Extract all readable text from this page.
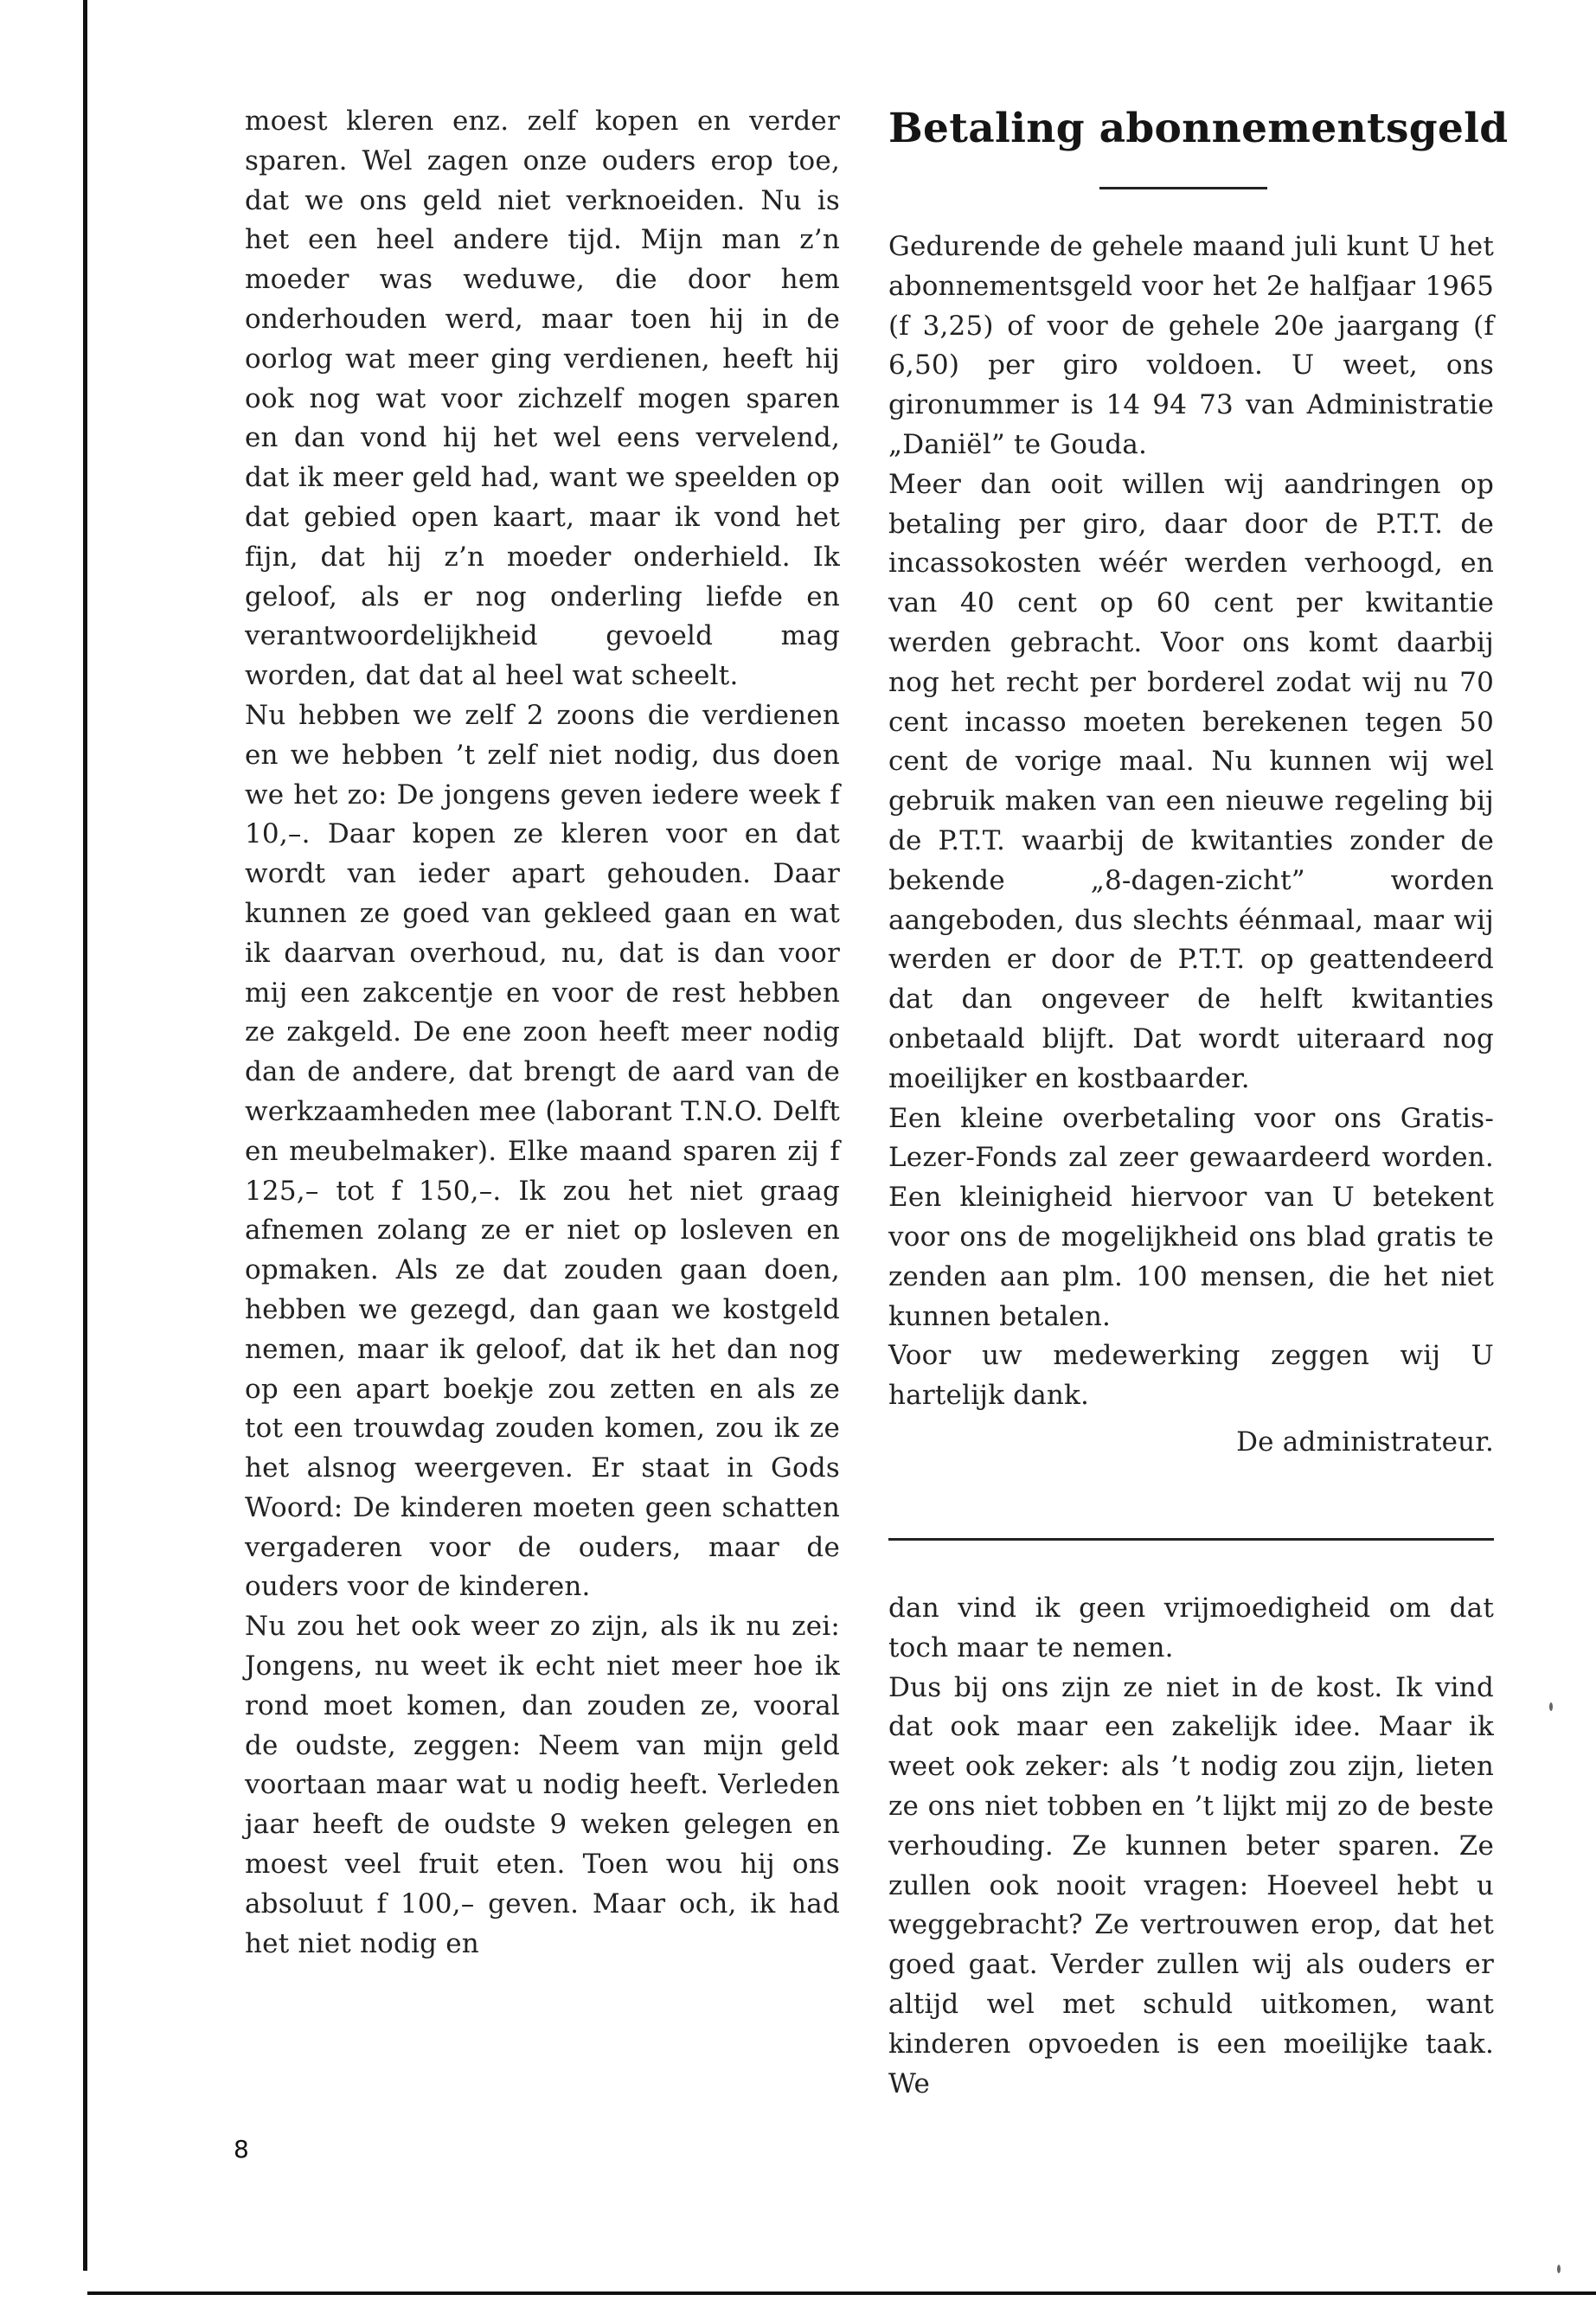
moest kleren enz. zelf kopen en verder sparen. Wel zagen onze ouders erop toe, dat we ons geld niet verknoeiden. Nu is het een heel andere tijd. Mijn man z’n moeder was weduwe, die door hem onderhouden werd, maar toen hij in de oorlog wat meer ging verdienen, heeft hij ook nog wat voor zichzelf mogen sparen en dan vond hij het wel eens vervelend, dat ik meer geld had, want we speelden op dat gebied open kaart, maar ik vond het fijn, dat hij z’n moeder onderhield. Ik geloof, als er nog onderling liefde en verantwoordelijkheid gevoeld mag worden, dat dat al heel wat scheelt.

Nu hebben we zelf 2 zoons die verdienen en we hebben ’t zelf niet nodig, dus doen we het zo: De jongens geven iedere week f 10,–. Daar kopen ze kleren voor en dat wordt van ieder apart gehouden. Daar kunnen ze goed van gekleed gaan en wat ik daarvan overhoud, nu, dat is dan voor mij een zakcentje en voor de rest hebben ze zakgeld. De ene zoon heeft meer nodig dan de andere, dat brengt de aard van de werkzaamheden mee (laborant T.N.O. Delft en meubelmaker). Elke maand sparen zij f 125,– tot f 150,–. Ik zou het niet graag afnemen zolang ze er niet op losleven en opmaken. Als ze dat zouden gaan doen, hebben we gezegd, dan gaan we kostgeld nemen, maar ik geloof, dat ik het dan nog op een apart boekje zou zetten en als ze tot een trouwdag zouden komen, zou ik ze het alsnog weergeven. Er staat in Gods Woord: De kinderen moeten geen schatten vergaderen voor de ouders, maar de ouders voor de kinderen.

Nu zou het ook weer zo zijn, als ik nu zei: Jongens, nu weet ik echt niet meer hoe ik rond moet komen, dan zouden ze, vooral de oudste, zeggen: Neem van mijn geld voortaan maar wat u nodig heeft. Verleden jaar heeft de oudste 9 weken gelegen en moest veel fruit eten. Toen wou hij ons absoluut f 100,– geven. Maar och, ik had het niet nodig en

Betaling abonnementsgeld

Gedurende de gehele maand juli kunt U het abonnementsgeld voor het 2e halfjaar 1965 (f 3,25) of voor de gehele 20e jaargang (f 6,50) per giro voldoen. U weet, ons gironummer is 14 94 73 van Administratie „Daniël” te Gouda.

Meer dan ooit willen wij aandringen op betaling per giro, daar door de P.T.T. de incassokosten wéér werden verhoogd, en van 40 cent op 60 cent per kwitantie werden gebracht. Voor ons komt daarbij nog het recht per borderel zodat wij nu 70 cent incasso moeten berekenen tegen 50 cent de vorige maal. Nu kunnen wij wel gebruik maken van een nieuwe regeling bij de P.T.T. waarbij de kwitanties zonder de bekende „8-dagen-zicht” worden aangeboden, dus slechts éénmaal, maar wij werden er door de P.T.T. op geattendeerd dat dan ongeveer de helft kwitanties onbetaald blijft. Dat wordt uiteraard nog moeilijker en kostbaarder.

Een kleine overbetaling voor ons Gratis-Lezer-Fonds zal zeer gewaardeerd worden. Een kleinigheid hiervoor van U betekent voor ons de mogelijkheid ons blad gratis te zenden aan plm. 100 mensen, die het niet kunnen betalen.

Voor uw medewerking zeggen wij U hartelijk dank.

De administrateur.

dan vind ik geen vrijmoedigheid om dat toch maar te nemen.

Dus bij ons zijn ze niet in de kost. Ik vind dat ook maar een zakelijk idee. Maar ik weet ook zeker: als ’t nodig zou zijn, lieten ze ons niet tobben en ’t lijkt mij zo de beste verhouding. Ze kunnen beter sparen. Ze zullen ook nooit vragen: Hoeveel hebt u weggebracht? Ze vertrouwen erop, dat het goed gaat. Verder zullen wij als ouders er altijd wel met schuld uitkomen, want kinderen opvoeden is een moeilijke taak. We

8
